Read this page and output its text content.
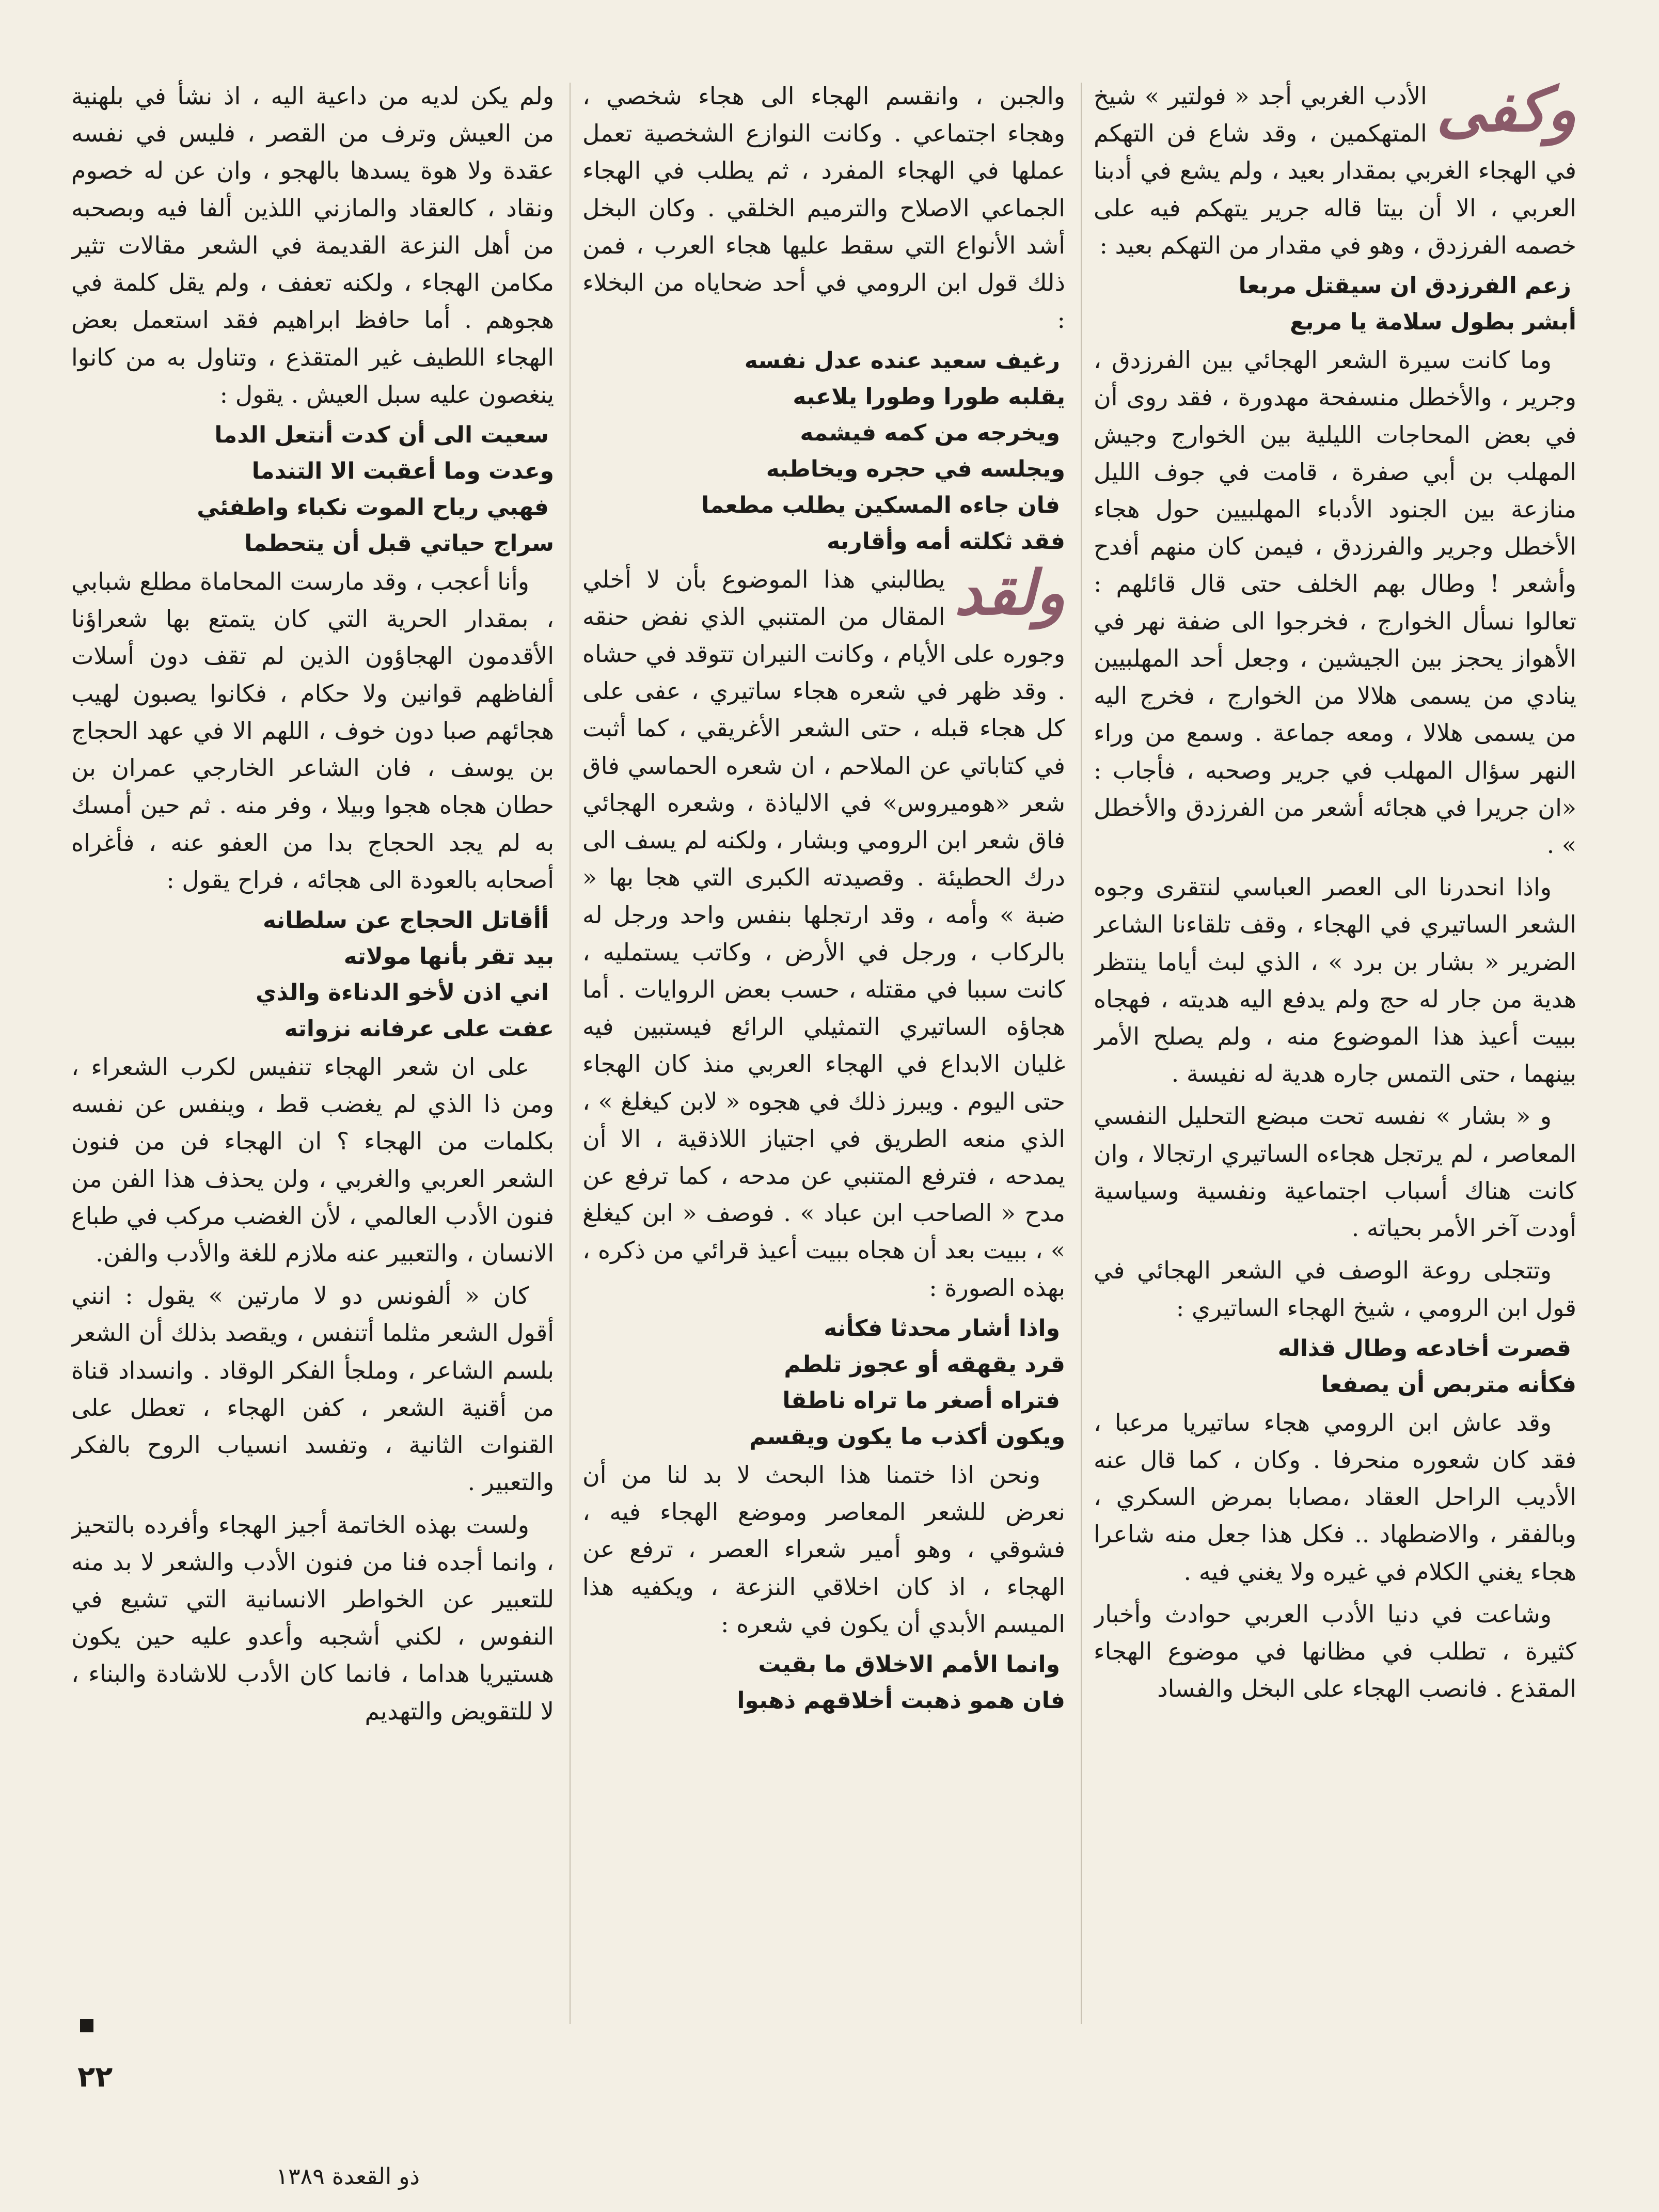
وكفى

الأدب الغربي أجد « فولتير » شيخ المتهكمين ، وقد شاع فن التهكم في الهجاء الغربي بمقدار بعيد ، ولم يشع في أدبنا العربي ، الا أن بيتا قاله جرير يتهكم فيه على خصمه الفرزدق ، وهو في مقدار من التهكم بعيد :

زعم الفرزدق ان سيقتل مربعا
أبشر بطول سلامة يا مربع

وما كانت سيرة الشعر الهجائي بين الفرزدق ، وجرير ، والأخطل منسفحة مهدورة ، فقد روى أن في بعض المحاجات الليلية بين الخوارج وجيش المهلب بن أبي صفرة ، قامت في جوف الليل منازعة بين الجنود الأدباء المهلبيين حول هجاء الأخطل وجرير والفرزدق ، فيمن كان منهم أفدح وأشعر ! وطال بهم الخلف حتى قال قائلهم : تعالوا نسأل الخوارج ، فخرجوا الى ضفة نهر في الأهواز يحجز بين الجيشين ، وجعل أحد المهلبيين ينادي من يسمى هلالا من الخوارج ، فخرج اليه من يسمى هلالا ، ومعه جماعة . وسمع من وراء النهر سؤال المهلب في جرير وصحبه ، فأجاب : «ان جريرا في هجائه أشعر من الفرزدق والأخطل » .

واذا انحدرنا الى العصر العباسي لنتقرى وجوه الشعر الساتيري في الهجاء ، وقف تلقاءنا الشاعر الضرير « بشار بن برد » ، الذي لبث أياما ينتظر هدية من جار له حج ولم يدفع اليه هديته ، فهجاه ببيت أعيذ هذا الموضوع منه ، ولم يصلح الأمر بينهما ، حتى التمس جاره هدية له نفيسة .

و « بشار » نفسه تحت مبضع التحليل النفسي المعاصر ، لم يرتجل هجاءه الساتيري ارتجالا ، وان كانت هناك أسباب اجتماعية ونفسية وسياسية أودت آخر الأمر بحياته .

وتتجلى روعة الوصف في الشعر الهجائي في قول ابن الرومي ، شيخ الهجاء الساتيري :

قصرت أخادعه وطال قذاله
فكأنه متربص أن يصفعا

وقد عاش ابن الرومي هجاء ساتيريا مرعبا ، فقد كان شعوره منحرفا . وكان ، كما قال عنه الأديب الراحل العقاد ،مصابا بمرض السكري ، وبالفقر ، والاضطهاد .. فكل هذا جعل منه شاعرا هجاء يغني الكلام في غيره ولا يغني فيه .

وشاعت في دنيا الأدب العربي حوادث وأخبار كثيرة ، تطلب في مظانها في موضوع الهجاء المقذع . فانصب الهجاء على البخل والفساد

والجبن ، وانقسم الهجاء الى هجاء شخصي ، وهجاء اجتماعي . وكانت النوازع الشخصية تعمل عملها في الهجاء المفرد ، ثم يطلب في الهجاء الجماعي الاصلاح والترميم الخلقي . وكان البخل أشد الأنواع التي سقط عليها هجاء العرب ، فمن ذلك قول ابن الرومي في أحد ضحاياه من البخلاء :

رغيف سعيد عنده عدل نفسه
يقلبه طورا وطورا يلاعبه
ويخرجه من كمه فيشمه
ويجلسه في حجره ويخاطبه
فان جاءه المسكين يطلب مطعما
فقد ثكلته أمه وأقاربه
ولقد

يطالبني هذا الموضوع بأن لا أخلي المقال من المتنبي الذي نفض حنقه وجوره على الأيام ، وكانت النيران تتوقد في حشاه . وقد ظهر في شعره هجاء ساتيري ، عفى على كل هجاء قبله ، حتى الشعر الأغريقي ، كما أثبت في كتاباتي عن الملاحم ، ان شعره الحماسي فاق شعر «هوميروس» في الالياذة ، وشعره الهجائي فاق شعر ابن الرومي وبشار ، ولكنه لم يسف الى درك الحطيئة . وقصيدته الكبرى التي هجا بها « ضبة » وأمه ، وقد ارتجلها بنفس واحد ورجل له بالركاب ، ورجل في الأرض ، وكاتب يستمليه ، كانت سببا في مقتله ، حسب بعض الروايات . أما هجاؤه الساتيري التمثيلي الرائع فيستبين فيه غليان الابداع في الهجاء العربي منذ كان الهجاء حتى اليوم . ويبرز ذلك في هجوه « لابن كيغلغ » ، الذي منعه الطريق في اجتياز اللاذقية ، الا أن يمدحه ، فترفع المتنبي عن مدحه ، كما ترفع عن مدح « الصاحب ابن عباد » . فوصف « ابن كيغلغ » ، ببيت بعد أن هجاه ببيت أعيذ قرائي من ذكره ، بهذه الصورة :

واذا أشار محدثا فكأنه
قرد يقهقه أو عجوز تلطم
فتراه أصغر ما تراه ناطقا
ويكون أكذب ما يكون ويقسم

ونحن اذا ختمنا هذا البحث لا بد لنا من أن نعرض للشعر المعاصر وموضع الهجاء فيه ، فشوقي ، وهو أمير شعراء العصر ، ترفع عن الهجاء ، اذ كان اخلاقي النزعة ، ويكفيه هذا الميسم الأبدي أن يكون في شعره :

وانما الأمم الاخلاق ما بقيت
فان همو ذهبت أخلاقهم ذهبوا

ولم يكن لديه من داعية اليه ، اذ نشأ في بلهنية من العيش وترف من القصر ، فليس في نفسه عقدة ولا هوة يسدها بالهجو ، وان عن له خصوم ونقاد ، كالعقاد والمازني اللذين ألفا فيه وبصحبه من أهل النزعة القديمة في الشعر مقالات تثير مكامن الهجاء ، ولكنه تعفف ، ولم يقل كلمة في هجوهم . أما حافظ ابراهيم فقد استعمل بعض الهجاء اللطيف غير المتقذع ، وتناول به من كانوا ينغصون عليه سبل العيش . يقول :

سعيت الى أن كدت أنتعل الدما
وعدت وما أعقبت الا التندما
فهبي رياح الموت نكباء واطفئي
سراج حياتي قبل أن يتحطما

وأنا أعجب ، وقد مارست المحاماة مطلع شبابي ، بمقدار الحرية التي كان يتمتع بها شعراؤنا الأقدمون الهجاؤون الذين لم تقف دون أسلات ألفاظهم قوانين ولا حكام ، فكانوا يصبون لهيب هجائهم صبا دون خوف ، اللهم الا في عهد الحجاج بن يوسف ، فان الشاعر الخارجي عمران بن حطان هجاه هجوا وبيلا ، وفر منه . ثم حين أمسك به لم يجد الحجاج بدا من العفو عنه ، فأغراه أصحابه بالعودة الى هجائه ، فراح يقول :

أأقاتل الحجاج عن سلطانه
بيد تقر بأنها مولاته
اني اذن لأخو الدناءة والذي
عفت على عرفانه نزواته

على ان شعر الهجاء تنفيس لكرب الشعراء ، ومن ذا الذي لم يغضب قط ، وينفس عن نفسه بكلمات من الهجاء ؟ ان الهجاء فن من فنون الشعر العربي والغربي ، ولن يحذف هذا الفن من فنون الأدب العالمي ، لأن الغضب مركب في طباع الانسان ، والتعبير عنه ملازم للغة والأدب والفن.

كان « ألفونس دو لا مارتين » يقول : انني أقول الشعر مثلما أتنفس ، ويقصد بذلك أن الشعر بلسم الشاعر ، وملجأ الفكر الوقاد . وانسداد قناة من أقنية الشعر ، كفن الهجاء ، تعطل على القنوات الثانية ، وتفسد انسياب الروح بالفكر والتعبير .

ولست بهذه الخاتمة أجيز الهجاء وأفرده بالتحيز ، وانما أجده فنا من فنون الأدب والشعر لا بد منه للتعبير عن الخواطر الانسانية التي تشيع في النفوس ، لكني أشجبه وأعدو عليه حين يكون هستيريا هداما ، فانما كان الأدب للاشادة والبناء ، لا للتقويض والتهديم

٢٢
ذو القعدة ١٣٨٩
